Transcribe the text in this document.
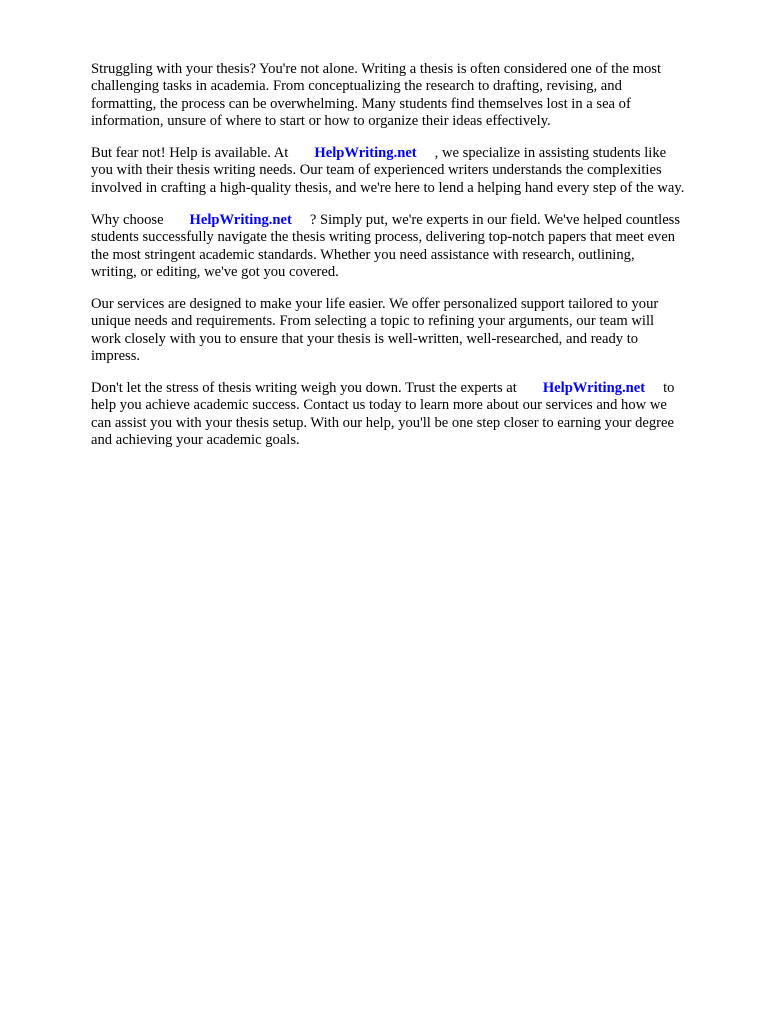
Struggling with your thesis? You're not alone. Writing a thesis is often considered one of the most
challenging tasks in academia. From conceptualizing the research to drafting, revising, and
formatting, the process can be overwhelming. Many students find themselves lost in a sea of
information, unsure of where to start or how to organize their ideas effectively.

But fear not! Help is available. At HelpWriting.net , we specialize in assisting students like
you with their thesis writing needs. Our team of experienced writers understands the complexities
involved in crafting a high-quality thesis, and we're here to lend a helping hand every step of the way.

Why choose HelpWriting.net ? Simply put, we're experts in our field. We've helped countless
students successfully navigate the thesis writing process, delivering top-notch papers that meet even
the most stringent academic standards. Whether you need assistance with research, outlining,
writing, or editing, we've got you covered.

Our services are designed to make your life easier. We offer personalized support tailored to your
unique needs and requirements. From selecting a topic to refining your arguments, our team will
work closely with you to ensure that your thesis is well-written, well-researched, and ready to
impress.

Don't let the stress of thesis writing weigh you down. Trust the experts at HelpWriting.net to
help you achieve academic success. Contact us today to learn more about our services and how we
can assist you with your thesis setup. With our help, you'll be one step closer to earning your degree
and achieving your academic goals.
